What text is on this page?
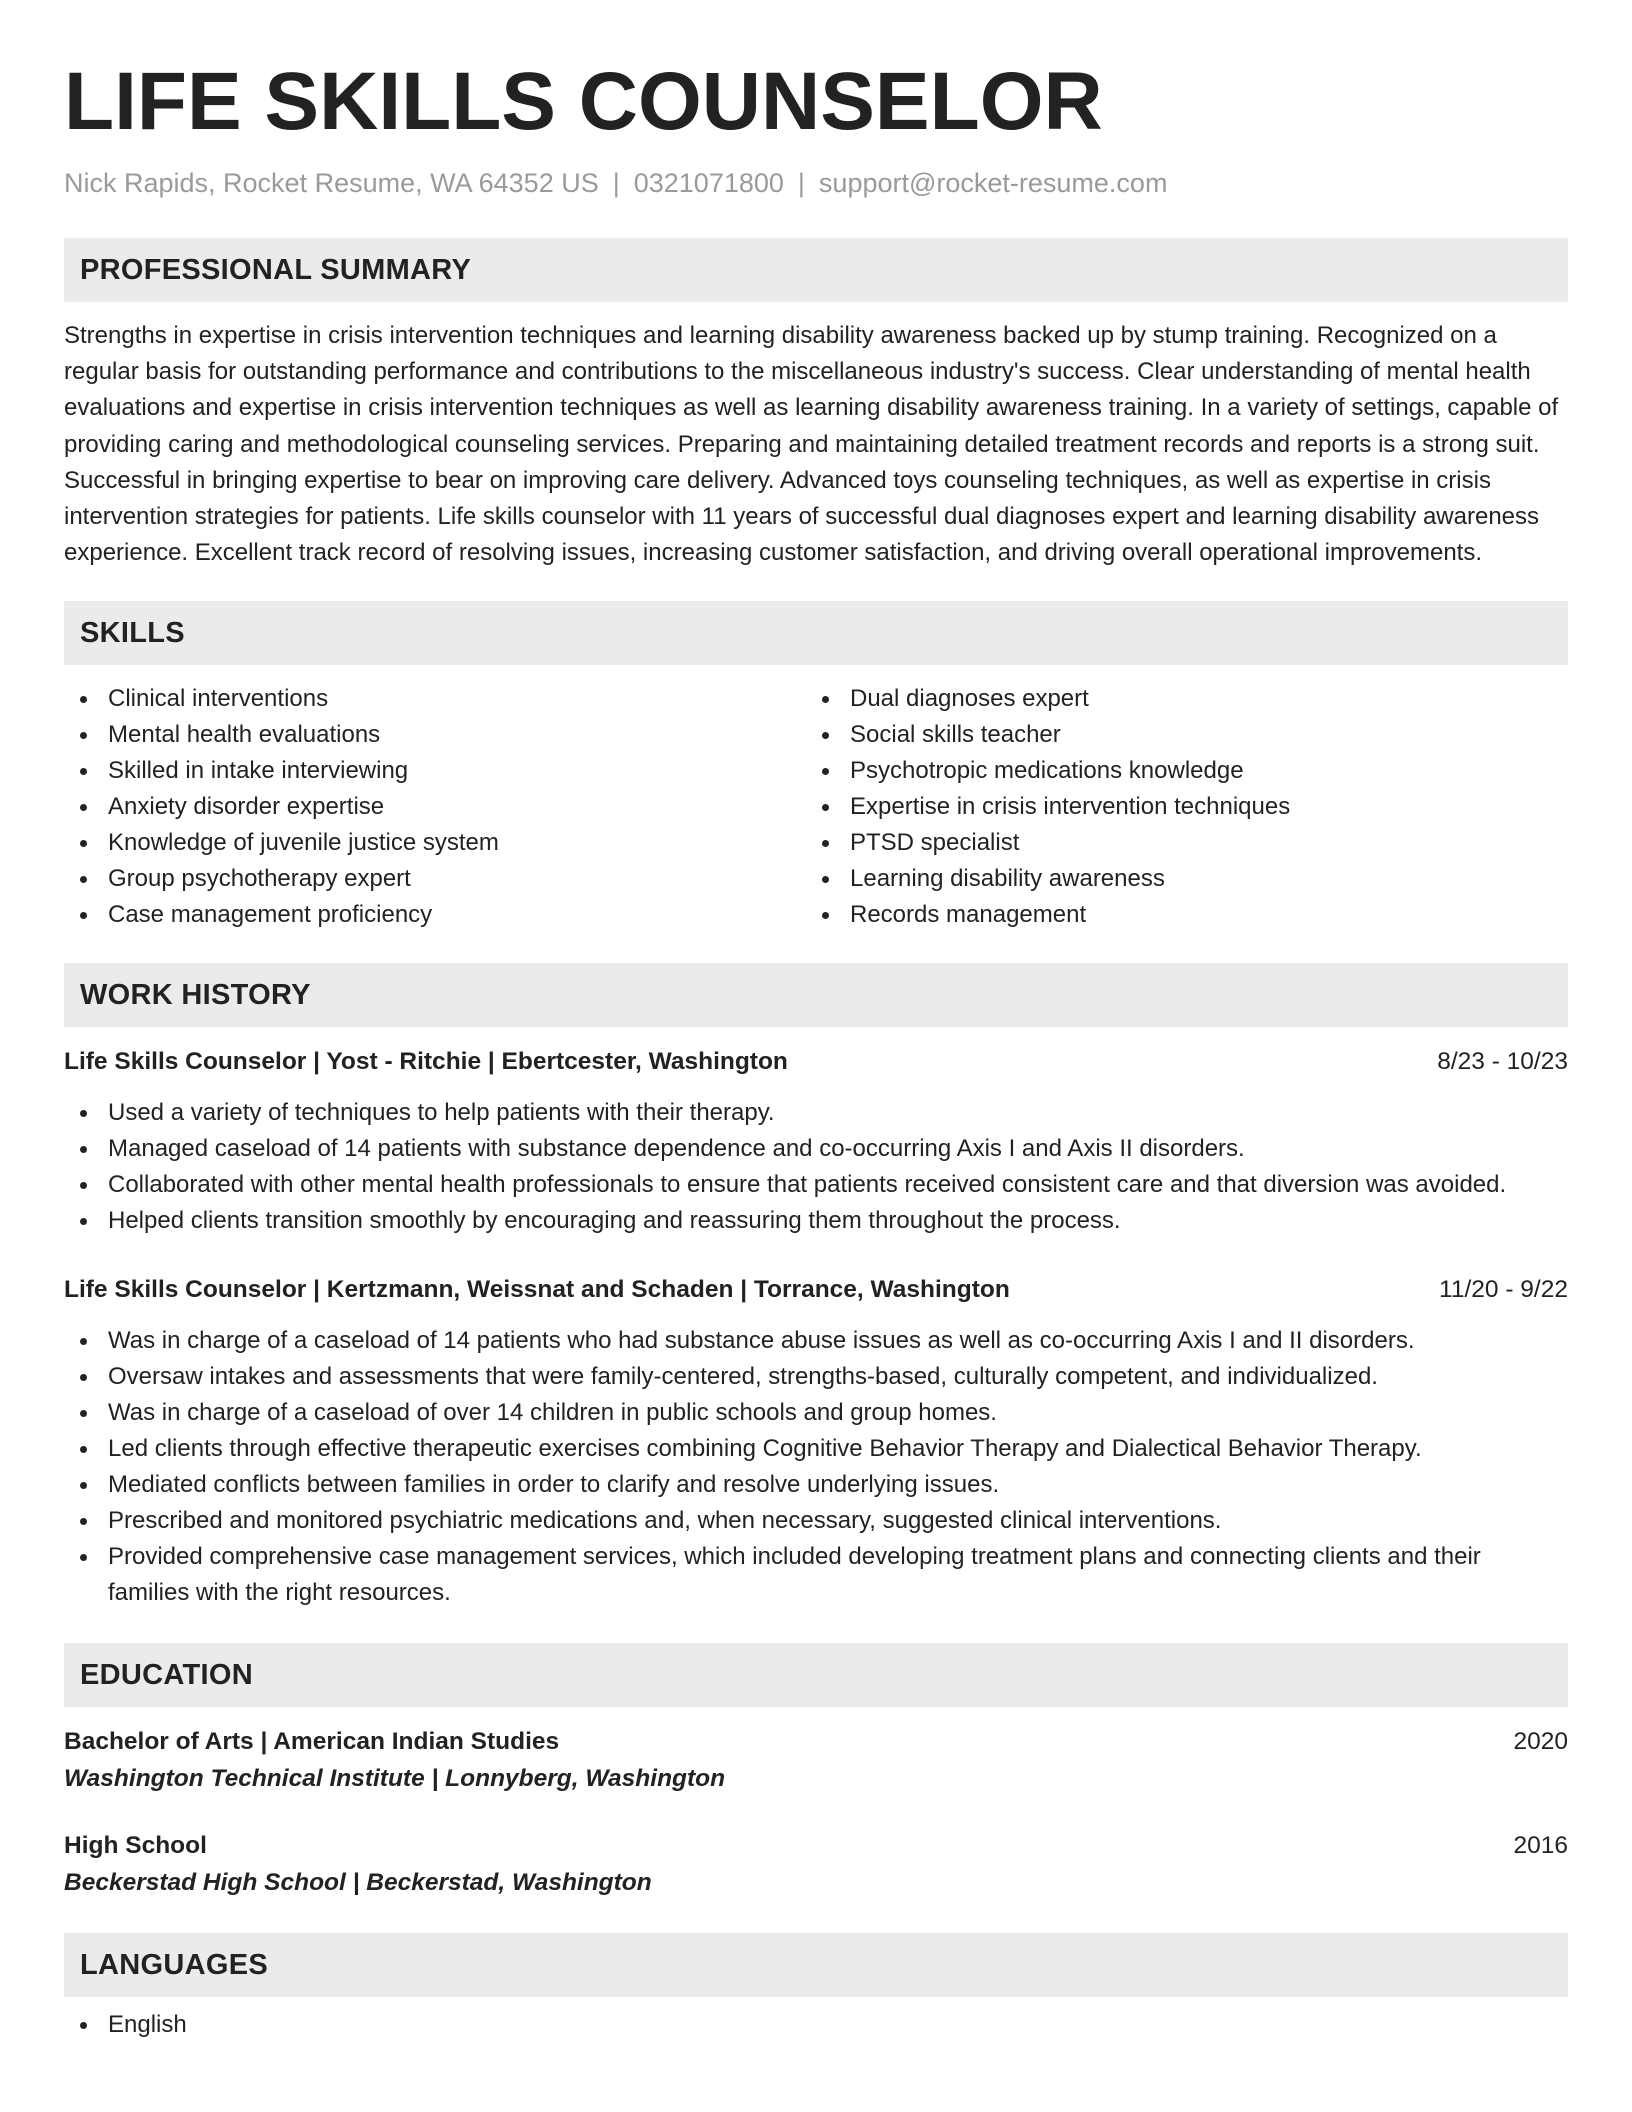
LIFE SKILLS COUNSELOR
Nick Rapids, Rocket Resume, WA 64352 US | 0321071800 | support@rocket-resume.com
PROFESSIONAL SUMMARY
Strengths in expertise in crisis intervention techniques and learning disability awareness backed up by stump training. Recognized on a regular basis for outstanding performance and contributions to the miscellaneous industry's success. Clear understanding of mental health evaluations and expertise in crisis intervention techniques as well as learning disability awareness training. In a variety of settings, capable of providing caring and methodological counseling services. Preparing and maintaining detailed treatment records and reports is a strong suit. Successful in bringing expertise to bear on improving care delivery. Advanced toys counseling techniques, as well as expertise in crisis intervention strategies for patients. Life skills counselor with 11 years of successful dual diagnoses expert and learning disability awareness experience. Excellent track record of resolving issues, increasing customer satisfaction, and driving overall operational improvements.
SKILLS
Clinical interventions
Mental health evaluations
Skilled in intake interviewing
Anxiety disorder expertise
Knowledge of juvenile justice system
Group psychotherapy expert
Case management proficiency
Dual diagnoses expert
Social skills teacher
Psychotropic medications knowledge
Expertise in crisis intervention techniques
PTSD specialist
Learning disability awareness
Records management
WORK HISTORY
Life Skills Counselor | Yost - Ritchie | Ebertcester, Washington	8/23 - 10/23
Used a variety of techniques to help patients with their therapy.
Managed caseload of 14 patients with substance dependence and co-occurring Axis I and Axis II disorders.
Collaborated with other mental health professionals to ensure that patients received consistent care and that diversion was avoided.
Helped clients transition smoothly by encouraging and reassuring them throughout the process.
Life Skills Counselor | Kertzmann, Weissnat and Schaden | Torrance, Washington	11/20 - 9/22
Was in charge of a caseload of 14 patients who had substance abuse issues as well as co-occurring Axis I and II disorders.
Oversaw intakes and assessments that were family-centered, strengths-based, culturally competent, and individualized.
Was in charge of a caseload of over 14 children in public schools and group homes.
Led clients through effective therapeutic exercises combining Cognitive Behavior Therapy and Dialectical Behavior Therapy.
Mediated conflicts between families in order to clarify and resolve underlying issues.
Prescribed and monitored psychiatric medications and, when necessary, suggested clinical interventions.
Provided comprehensive case management services, which included developing treatment plans and connecting clients and their families with the right resources.
EDUCATION
Bachelor of Arts | American Indian Studies	2020
Washington Technical Institute | Lonnyberg, Washington
High School	2016
Beckerstad High School | Beckerstad, Washington
LANGUAGES
English
